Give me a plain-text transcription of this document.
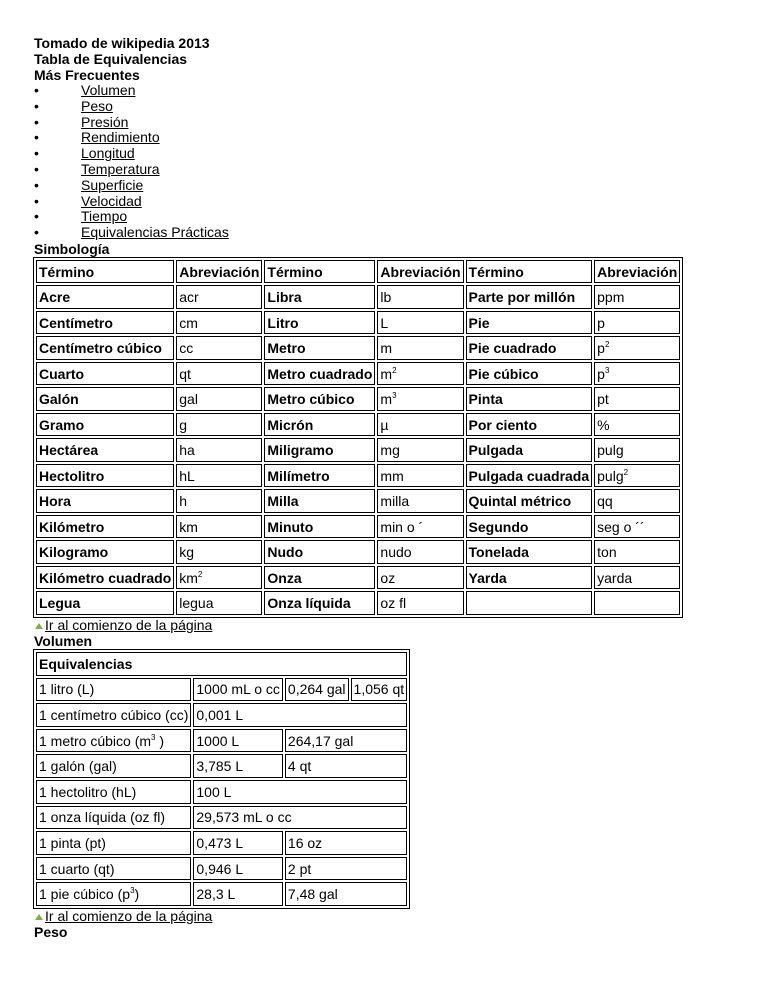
Tomado de wikipedia 2013
Tabla de Equivalencias
Más Frecuentes
•	Volumen
•	Peso
•	Presión
•	Rendimiento
•	Longitud
•	Temperatura
•	Superficie
•	Velocidad
•	Tiempo
•	Equivalencias Prácticas
Simbología
Término	Abreviación	Término	Abreviación	Término	Abreviación
Acre	acr	Libra	lb	Parte por millón	ppm
Centímetro	cm	Litro	L	Pie	p
Centímetro cúbico	cc	Metro	m	Pie cuadrado	$p^2$
Cuarto	qt	Metro cuadrado	$m^2$	Pie cúbico	$p^3$
Galón	gal	Metro cúbico	$m^3$	Pinta	pt
Gramo	g	Micrón	µ	Por ciento	%
Hectárea	ha	Miligramo	mg	Pulgada	pulg
Hectolitro	hL	Milímetro	mm	Pulgada cuadrada	pulg$^2$
Hora	h	Milla	milla	Quintal métrico	qq
Kilómetro	km	Minuto	min o ´	Segundo	seg o ´´
Kilogramo	kg	Nudo	nudo	Tonelada	ton
Kilómetro cuadrado	$km^2$	Onza	oz	Yarda	yarda
Legua	legua	Onza líquida	oz fl		
Ir al comienzo de la página
Volumen
Equivalencias			
1 litro (L)	1000 mL o cc	0,264 gal	1,056 qt
1 centímetro cúbico (cc)	0,001 L		
1 metro cúbico ($m^3$ )	1000 L	264,17 gal	
1 galón (gal)	3,785 L	4 qt	
1 hectolitro (hL)	100 L		
1 onza líquida (oz fl)	29,573 mL o cc		
1 pinta (pt)	0,473 L	16 oz	
1 cuarto (qt)	0,946 L	2 pt	
1 pie cúbico $(p^3)$	28,3 L	7,48 gal	
Ir al comienzo de la página
Peso
